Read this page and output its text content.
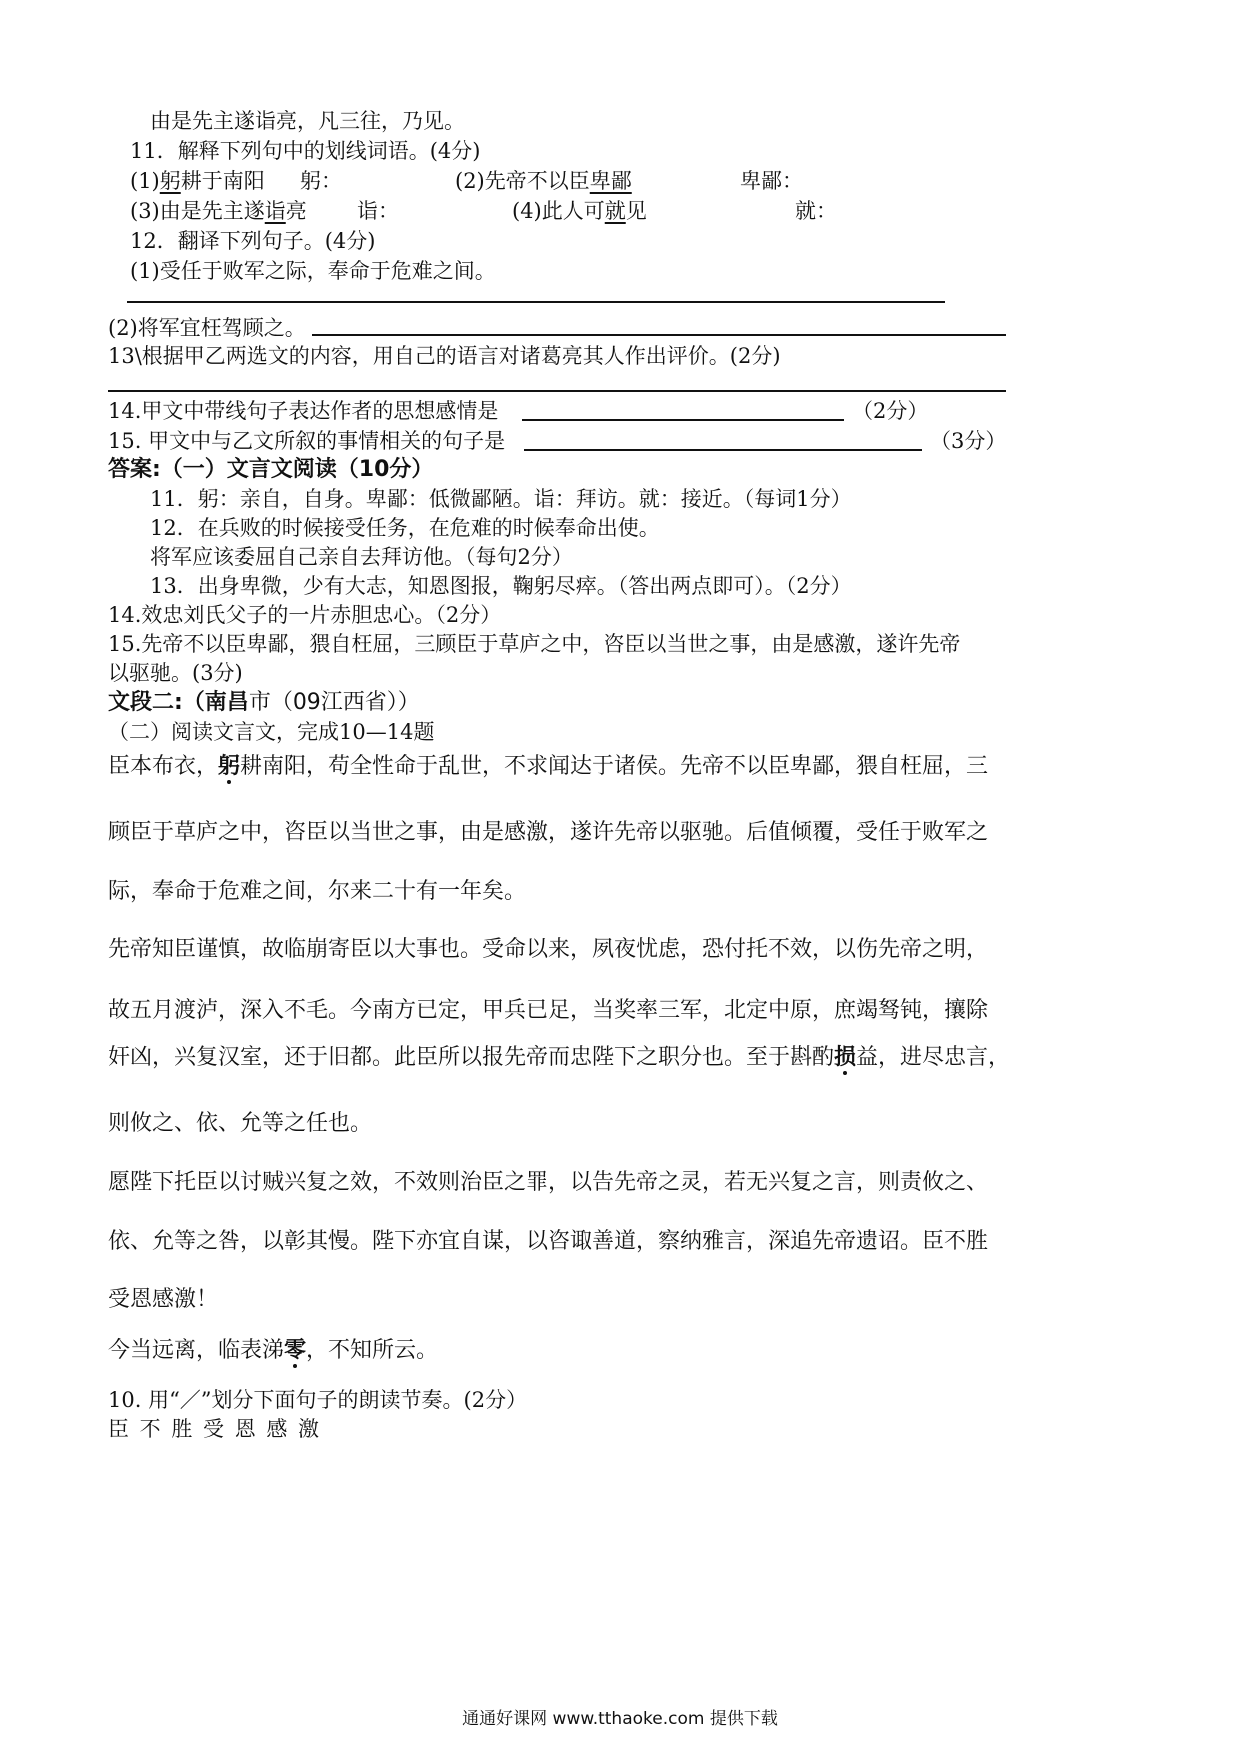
由是先主遂诣亮，凡三往，乃见。
11．解释下列句中的划线词语。(4分)
(1)躬耕于南阳 躬：	(2)先帝不以臣卑鄙	卑鄙：
(3)由是先主遂诣亮 诣：	(4)此人可就见	就：
12．翻译下列句子。(4分)
(1)受任于败军之际，奉命于危难之间。
(2)将军宜枉驾顾之。
13\根据甲乙两选文的内容，用自己的语言对诸葛亮其人作出评价。(2分)
14.甲文中带线句子表达作者的思想感情是	（2分）
15. 甲文中与乙文所叙的事情相关的句子是	（3分）
答案:（一）文言文阅读（10分）
11．躬：亲自，自身。卑鄙：低微鄙陋。诣：拜访。就：接近。（每词1分）
12．在兵败的时候接受任务，在危难的时候奉命出使。
将军应该委屈自己亲自去拜访他。（每句2分）
13．出身卑微，少有大志，知恩图报，鞠躬尽瘁。（答出两点即可）。（2分）
14.效忠刘氏父子的一片赤胆忠心。（2分）
15.先帝不以臣卑鄙，猥自枉屈，三顾臣于草庐之中，咨臣以当世之事，由是感激，遂许先帝
以驱驰。(3分)
文段二:（南昌市（09江西省））
（二）阅读文言文，完成10—14题
臣本布衣，躬耕南阳，苟全性命于乱世，不求闻达于诸侯。先帝不以臣卑鄙，猥自枉屈，三
顾臣于草庐之中，咨臣以当世之事，由是感激，遂许先帝以驱驰。后值倾覆，受任于败军之
际，奉命于危难之间，尔来二十有一年矣。
先帝知臣谨慎，故临崩寄臣以大事也。受命以来，夙夜忧虑，恐付托不效，以伤先帝之明，
故五月渡泸，深入不毛。今南方已定，甲兵已足，当奖率三军，北定中原，庶竭驽钝，攘除
奸凶，兴复汉室，还于旧都。此臣所以报先帝而忠陛下之职分也。至于斟酌损益，进尽忠言，
则攸之、依、允等之任也。
愿陛下托臣以讨贼兴复之效，不效则治臣之罪，以告先帝之灵，若无兴复之言，则责攸之、
依、允等之咎，以彰其慢。陛下亦宜自谋，以咨诹善道，察纳雅言，深追先帝遗诏。臣不胜
受恩感激！
今当远离，临表涕零，不知所云。
10. 用“／”划分下面句子的朗读节奏。(2分）
臣 不 胜 受 恩 感 激
通通好课网 www.tthaoke.com 提供下载
